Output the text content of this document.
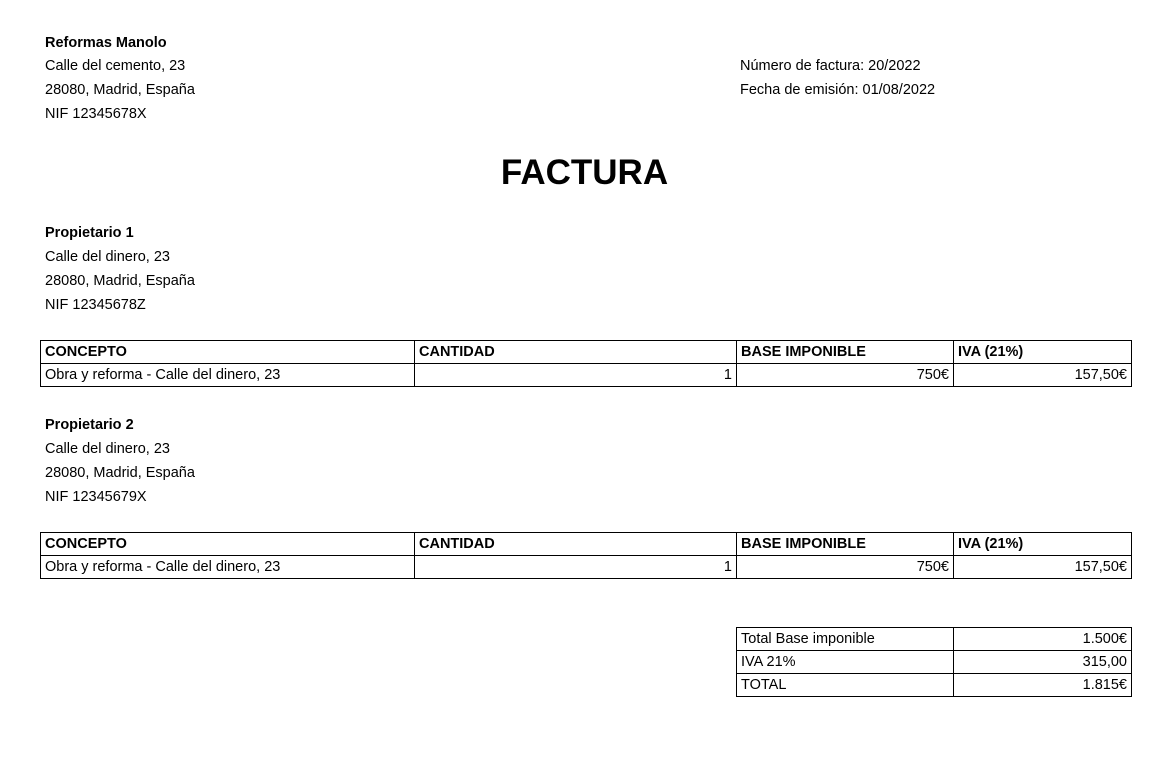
Reformas Manolo
Calle del cemento, 23
28080, Madrid, España
NIF 12345678X
Número de factura: 20/2022
Fecha de emisión: 01/08/2022
FACTURA
Propietario 1
Calle del dinero, 23
28080, Madrid, España
NIF 12345678Z
CONCEPTO	CANTIDAD	BASE IMPONIBLE	IVA (21%)
Obra y reforma - Calle del dinero, 23	1	750€	157,50€
Propietario 2
Calle del dinero, 23
28080, Madrid, España
NIF 12345679X
CONCEPTO	CANTIDAD	BASE IMPONIBLE	IVA (21%)
Obra y reforma - Calle del dinero, 23	1	750€	157,50€
Total Base imponible	1.500€
IVA 21%	315,00
TOTAL	1.815€
